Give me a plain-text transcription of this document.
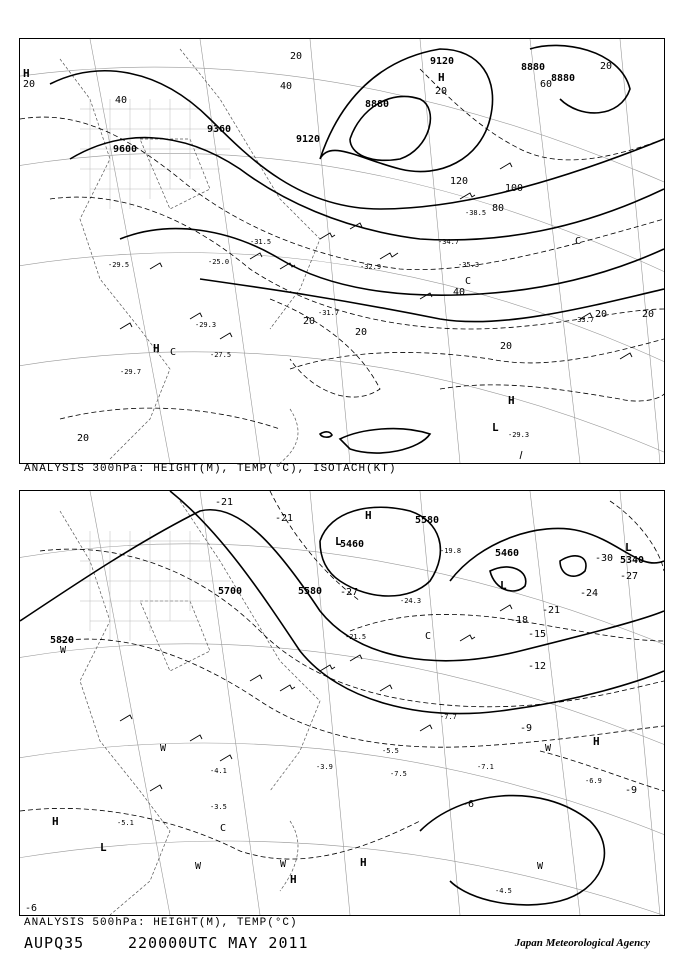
9600
9360
9120
9120
8880
8880
8880
20
20
20
20
20
20
20
20	20
20
40
40
40
60
80
100
120
H
H
H
H
L
C
C
C
-29.5
-27.5
-29.3
-29.7
-31.5
-31.7
-32.9
-33.7
-35.3
-34.7
-38.5
-29.3
-25.0
ANALYSIS 300hPa: HEIGHT(M), TEMP(°C), ISOTACH(KT)
5820
5700	5580
5580
5460
5460
5340
-21
-21
-27
-30
-27
-24
-21
-18
-15
-12
-9
-9
-6
-6
H
H
H
H
H
L
L
L
L
C
C
W
W
W	W
W
W
-4.1
-3.5
-5.1
-3.9
-5.5
-7.5
-7.7
-7.1
-6.9
-4.5
-19.8
-24.3
-21.5
ANALYSIS 500hPa: HEIGHT(M), TEMP(°C)
AUPQ35	220000UTC MAY 2011	Japan Meteorological Agency
